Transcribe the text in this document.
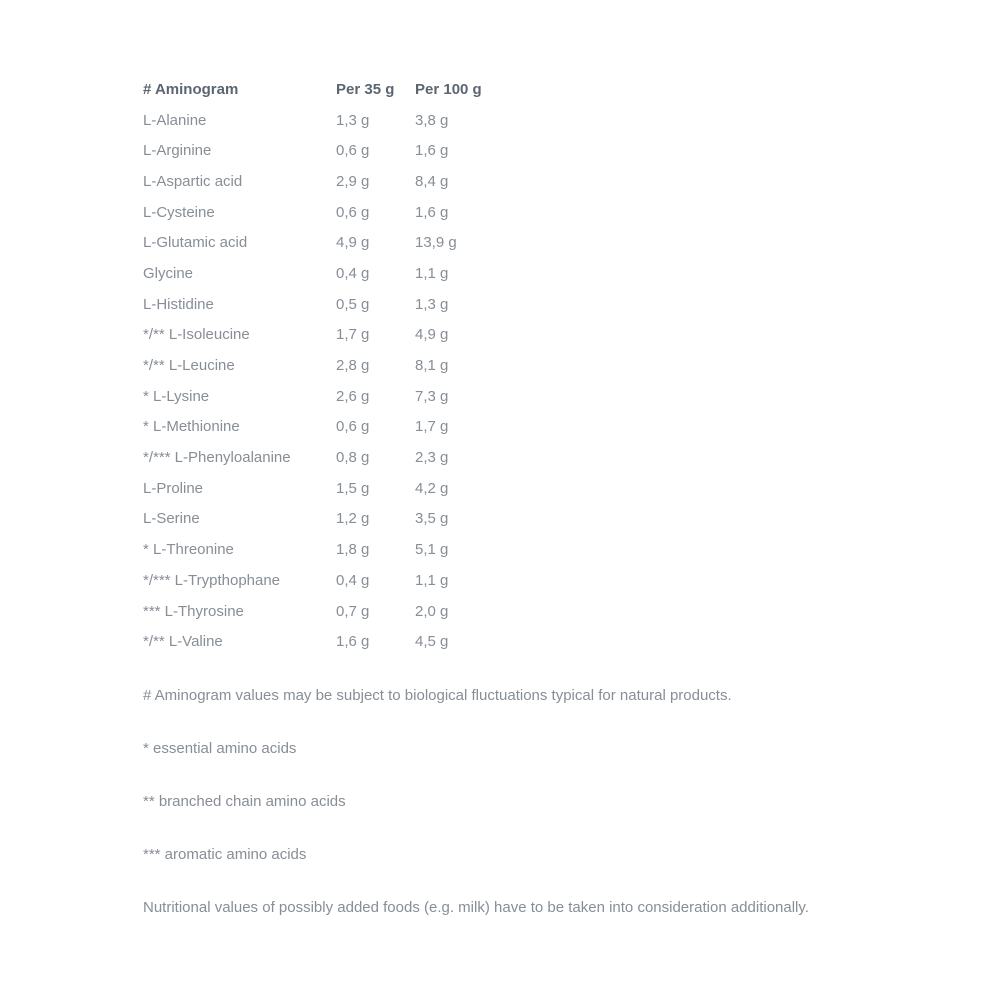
# Aminogram	Per 35 g	Per 100 g
L-Alanine	1,3 g	3,8 g
L-Arginine	0,6 g	1,6 g
L-Aspartic acid	2,9 g	8,4 g
L-Cysteine	0,6 g	1,6 g
L-Glutamic acid	4,9 g	13,9 g
Glycine	0,4 g	1,1 g
L-Histidine	0,5 g	1,3 g
*/** L-Isoleucine	1,7 g	4,9 g
*/** L-Leucine	2,8 g	8,1 g
* L-Lysine	2,6 g	7,3 g
* L-Methionine	0,6 g	1,7 g
*/*** L-Phenyloalanine	0,8 g	2,3 g
L-Proline	1,5 g	4,2 g
L-Serine	1,2 g	3,5 g
* L-Threonine	1,8 g	5,1 g
*/*** L-Trypthophane	0,4 g	1,1 g
*** L-Thyrosine	0,7 g	2,0 g
*/** L-Valine	1,6 g	4,5 g

# Aminogram values may be subject to biological fluctuations typical for natural products.

* essential amino acids

** branched chain amino acids

*** aromatic amino acids

Nutritional values of possibly added foods (e.g. milk) have to be taken into consideration additionally.
